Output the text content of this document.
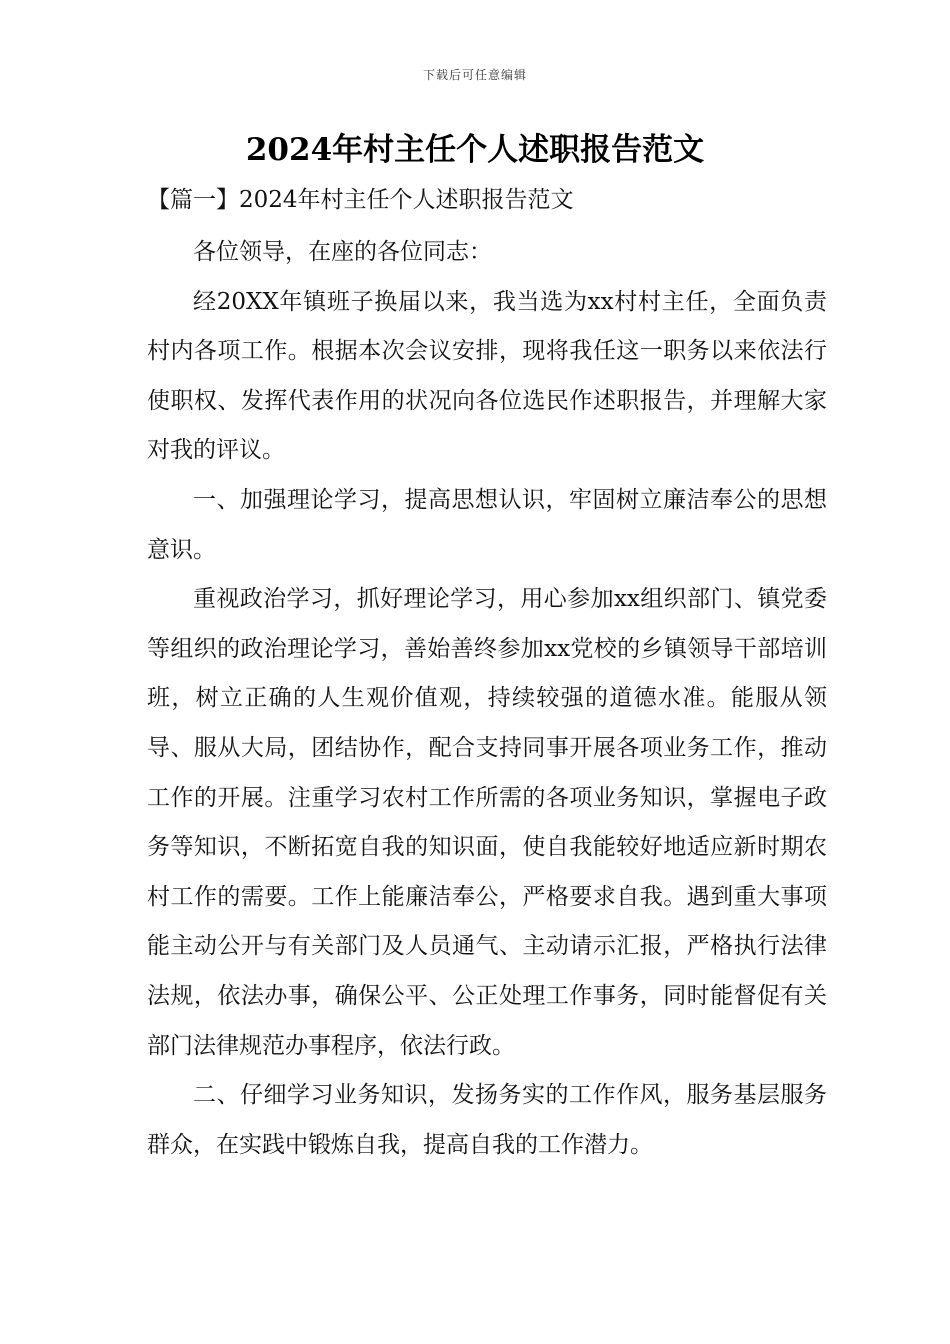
下载后可任意编辑
2024年村主任个人述职报告范文
【篇一】2024年村主任个人述职报告范文

各位领导，在座的各位同志：

经20XX年镇班子换届以来，我当选为xx村村主任，全面负责村内各项工作。根据本次会议安排，现将我任这一职务以来依法行使职权、发挥代表作用的状况向各位选民作述职报告，并理解大家对我的评议。

一、加强理论学习，提高思想认识，牢固树立廉洁奉公的思想意识。

重视政治学习，抓好理论学习，用心参加xx组织部门、镇党委等组织的政治理论学习，善始善终参加xx党校的乡镇领导干部培训班，树立正确的人生观价值观，持续较强的道德水准。能服从领导、服从大局，团结协作，配合支持同事开展各项业务工作，推动工作的开展。注重学习农村工作所需的各项业务知识，掌握电子政务等知识，不断拓宽自我的知识面，使自我能较好地适应新时期农村工作的需要。工作上能廉洁奉公，严格要求自我。遇到重大事项能主动公开与有关部门及人员通气、主动请示汇报，严格执行法律法规，依法办事，确保公平、公正处理工作事务，同时能督促有关部门法律规范办事程序，依法行政。

二、仔细学习业务知识，发扬务实的工作作风，服务基层服务群众，在实践中锻炼自我，提高自我的工作潜力。
